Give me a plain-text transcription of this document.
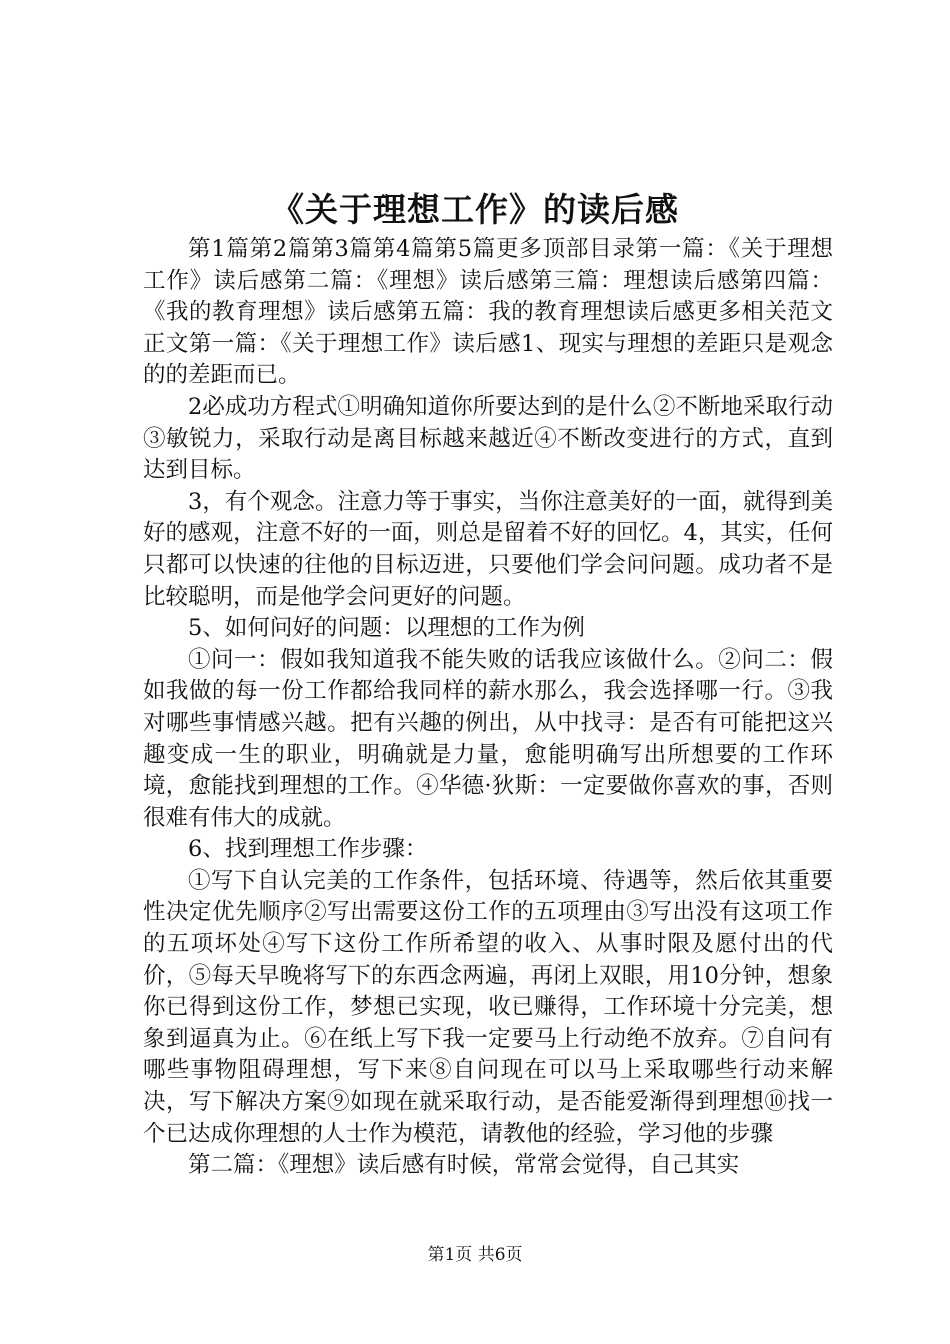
《关于理想工作》的读后感

第1篇第2篇第3篇第4篇第5篇更多顶部目录第一篇：《关于理想工作》读后感第二篇：《理想》读后感第三篇：理想读后感第四篇：《我的教育理想》读后感第五篇：我的教育理想读后感更多相关范文正文第一篇：《关于理想工作》读后感1、现实与理想的差距只是观念的的差距而已。

2必成功方程式①明确知道你所要达到的是什么②不断地采取行动③敏锐力，采取行动是离目标越来越近④不断改变进行的方式，直到达到目标。

3，有个观念。注意力等于事实，当你注意美好的一面，就得到美好的感观，注意不好的一面，则总是留着不好的回忆。4，其实，任何只都可以快速的往他的目标迈进，只要他们学会问问题。成功者不是比较聪明，而是他学会问更好的问题。

5、如何问好的问题：以理想的工作为例

①问一：假如我知道我不能失败的话我应该做什么。②问二：假如我做的每一份工作都给我同样的薪水那么，我会选择哪一行。③我对哪些事情感兴越。把有兴趣的例出，从中找寻：是否有可能把这兴趣变成一生的职业，明确就是力量，愈能明确写出所想要的工作环境，愈能找到理想的工作。④华德·狄斯：一定要做你喜欢的事，否则很难有伟大的成就。

6、找到理想工作步骤：

①写下自认完美的工作条件，包括环境、待遇等，然后依其重要性决定优先顺序②写出需要这份工作的五项理由③写出没有这项工作的五项坏处④写下这份工作所希望的收入、从事时限及愿付出的代价，⑤每天早晚将写下的东西念两遍，再闭上双眼，用10分钟，想象你已得到这份工作，梦想已实现，收已赚得，工作环境十分完美，想象到逼真为止。⑥在纸上写下我一定要马上行动绝不放弃。⑦自问有哪些事物阻碍理想，写下来⑧自问现在可以马上采取哪些行动来解决，写下解决方案⑨如现在就采取行动，是否能爱渐得到理想⑩找一个已达成你理想的人士作为模范，请教他的经验，学习他的步骤

第二篇：《理想》读后感有时候，常常会觉得，自己其实

第1页 共6页
